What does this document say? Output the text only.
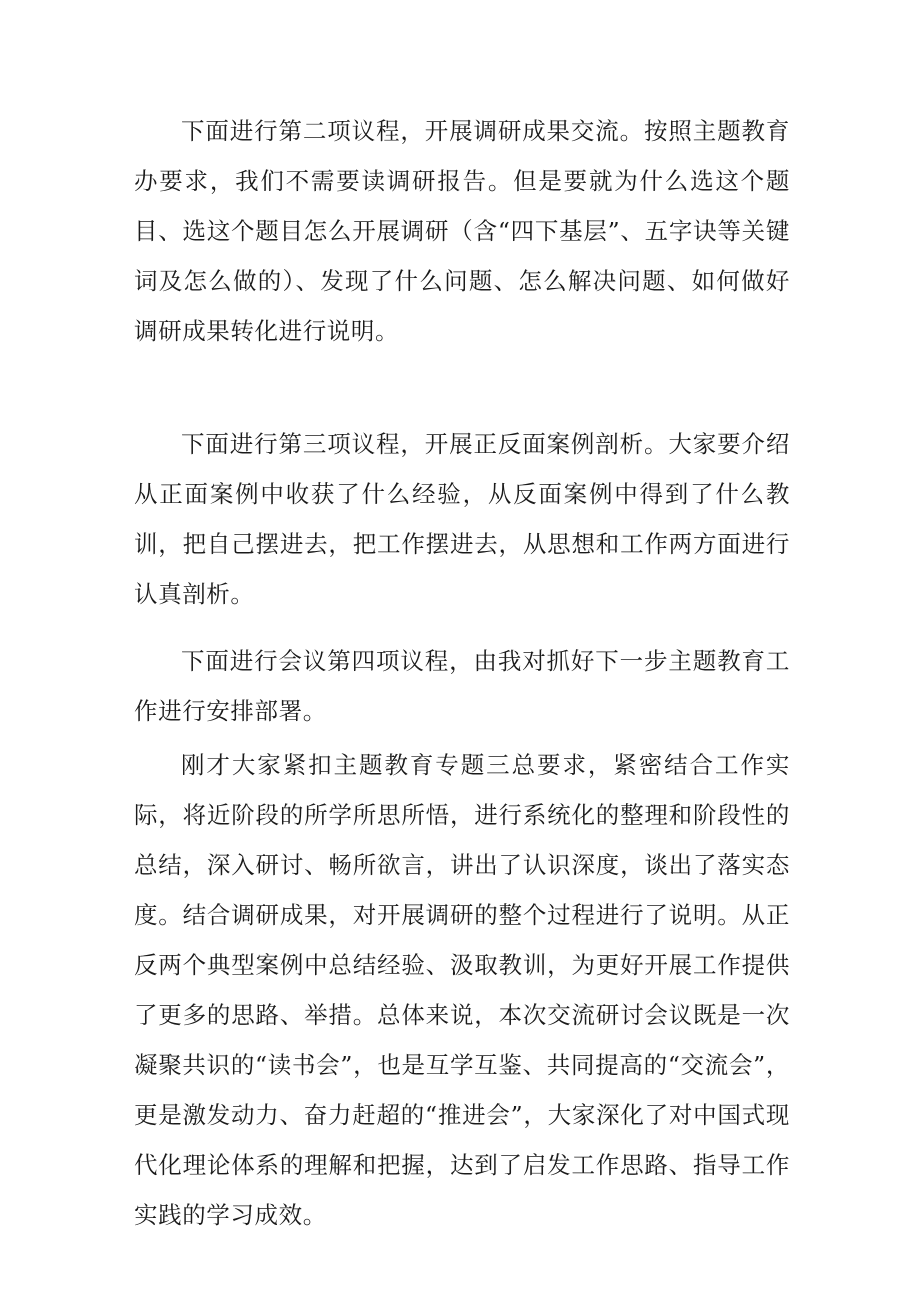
下面进行第二项议程，开展调研成果交流。按照主题教育办要求，我们不需要读调研报告。但是要就为什么选这个题目、选这个题目怎么开展调研（含“四下基层”、五字诀等关键词及怎么做的）、发现了什么问题、怎么解决问题、如何做好调研成果转化进行说明。

下面进行第三项议程，开展正反面案例剖析。大家要介绍从正面案例中收获了什么经验，从反面案例中得到了什么教训，把自己摆进去，把工作摆进去，从思想和工作两方面进行认真剖析。

下面进行会议第四项议程，由我对抓好下一步主题教育工作进行安排部署。

刚才大家紧扣主题教育专题三总要求，紧密结合工作实际，将近阶段的所学所思所悟，进行系统化的整理和阶段性的总结，深入研讨、畅所欲言，讲出了认识深度，谈出了落实态度。结合调研成果，对开展调研的整个过程进行了说明。从正反两个典型案例中总结经验、汲取教训，为更好开展工作提供了更多的思路、举措。总体来说，本次交流研讨会议既是一次凝聚共识的“读书会”，也是互学互鉴、共同提高的“交流会”，更是激发动力、奋力赶超的“推进会”，大家深化了对中国式现代化理论体系的理解和把握，达到了启发工作思路、指导工作实践的学习成效。
